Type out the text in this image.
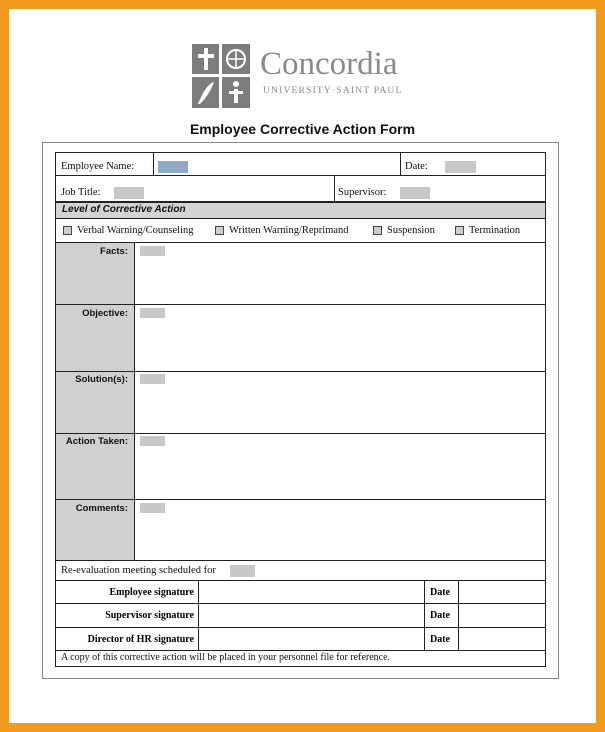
Concordia
UNIVERSITY·SAINT PAUL
Employee Corrective Action Form
Employee Name:	Date:
Job Title:	Supervisor:
Level of Corrective Action
Verbal Warning/Counseling	Written Warning/Reprimand	Suspension	Termination
Facts:
Objective:
Solution(s):
Action Taken:
Comments:
Re-evaluation meeting scheduled for
Employee signature	Date
Supervisor signature	Date
Director of HR signature	Date
A copy of this corrective action will be placed in your personnel file for reference.
